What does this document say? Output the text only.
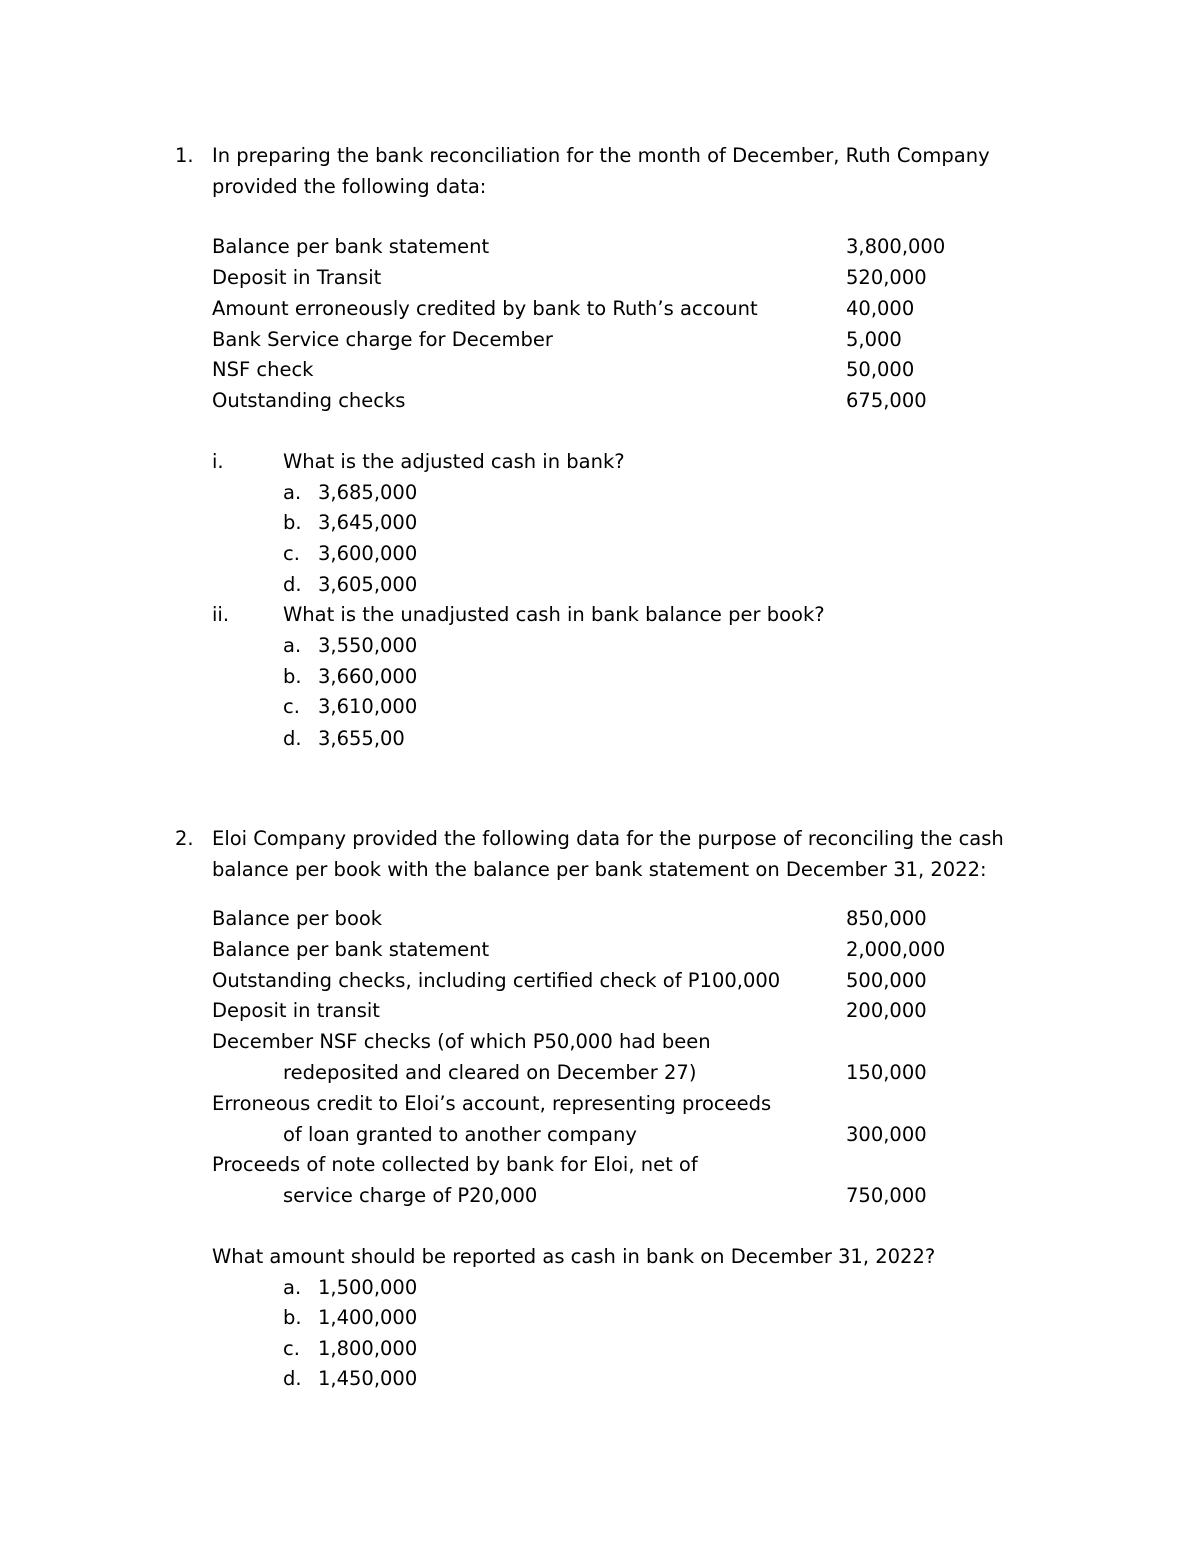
1. In preparing the bank reconciliation for the month of December, Ruth Company
provided the following data:
Balance per bank statement	3,800,000
Deposit in Transit	520,000
Amount erroneously credited by bank to Ruth’s account	40,000
Bank Service charge for December	5,000
NSF check	50,000
Outstanding checks	675,000
i.	What is the adjusted cash in bank?
a. 3,685,000
b. 3,645,000
c. 3,600,000
d. 3,605,000
ii.	What is the unadjusted cash in bank balance per book?
a. 3,550,000
b. 3,660,000
c. 3,610,000
d. 3,655,00
2. Eloi Company provided the following data for the purpose of reconciling the cash
balance per book with the balance per bank statement on December 31, 2022:
Balance per book	850,000
Balance per bank statement	2,000,000
Outstanding checks, including certified check of P100,000	500,000
Deposit in transit	200,000
December NSF checks (of which P50,000 had been
redeposited and cleared on December 27)	150,000
Erroneous credit to Eloi’s account, representing proceeds
of loan granted to another company	300,000
Proceeds of note collected by bank for Eloi, net of
service charge of P20,000	750,000
What amount should be reported as cash in bank on December 31, 2022?
a. 1,500,000
b. 1,400,000
c. 1,800,000
d. 1,450,000
